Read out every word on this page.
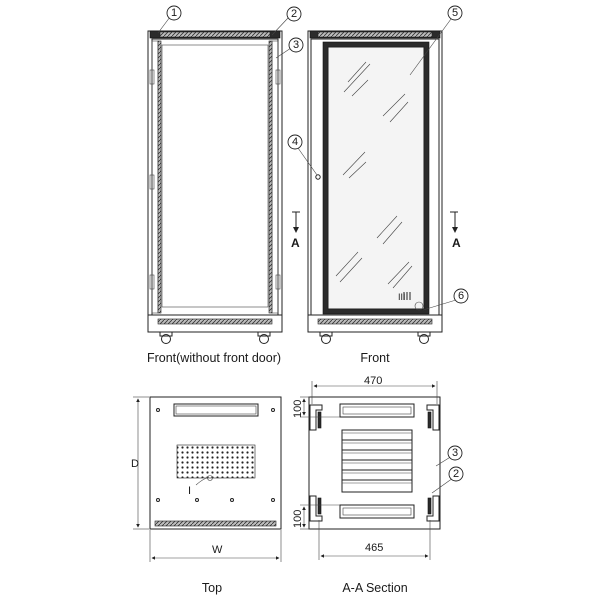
Front(without front door)
A	A
Front
I
W
D
Top
470
465
100
100
A-A Section
1	2
3
4
5
6
3
2
III
